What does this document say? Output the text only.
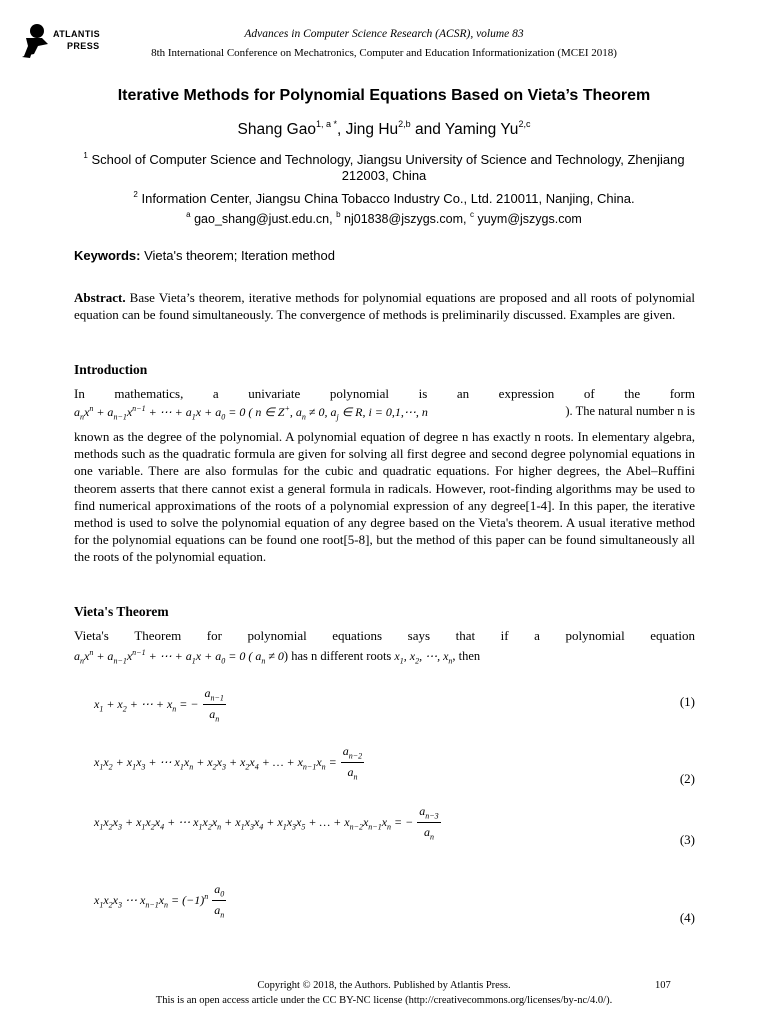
ATLANTIS
PRESS
Advances in Computer Science Research (ACSR), volume 83
8th International Conference on Mechatronics, Computer and Education Informationization (MCEI 2018)
Iterative Methods for Polynomial Equations Based on Vieta’s Theorem
Shang Gao$^{1, a *}$, Jing Hu$^{2,b}$ and Yaming Yu$^{2,c}$
$^1$ School of Computer Science and Technology, Jiangsu University of Science and Technology, Zhenjiang 212003, China
$^2$ Information Center, Jiangsu China Tobacco Industry Co., Ltd. 210011, Nanjing, China.
$^a$ gao_shang@just.edu.cn, $^b$ nj01838@jszygs.com, $^c$ yuym@jszygs.com
Keywords: Vieta's theorem; Iteration method
Abstract. Base Vieta’s theorem, iterative methods for polynomial equations are proposed and all roots of polynomial equation can be found simultaneously. The convergence of methods is preliminarily discussed. Examples are given.
Introduction
In mathematics, a univariate polynomial is an expression of the form
$a_nx^n + a_{n-1}x^{n-1}$ + ⋯ + $a_1x + a_0 = 0$ ( n ∈ Z+, $a_n \ne 0$, $a_j$ ∈ R, i = 0,1,⋯, n	). The natural number n is
known as the degree of the polynomial. A polynomial equation of degree n has exactly n roots. In elementary algebra, methods such as the quadratic formula are given for solving all first degree and second degree polynomial equations in one variable. There are also formulas for the cubic and quadratic equations. For higher degrees, the Abel–Ruffini theorem asserts that there cannot exist a general formula in radicals. However, root-finding algorithms may be used to find numerical approximations of the roots of a polynomial expression of any degree[1-4]. In this paper, the iterative method is used to solve the polynomial equation of any degree based on the Vieta's theorem. A usual iterative method for the polynomial equations can be found one root[5-8], but the method of this paper can be found simultaneously all the roots of the polynomial equation.
Vieta's Theorem
Vieta's Theorem for polynomial equations says that if a polynomial equation
$a_nx^n + a_{n-1}x^{n-1}$ + ⋯ + $a_1x + a_0 = 0$ ( $a_n \ne 0$) has n different roots $x_1$, $x_2$, ⋯, $x_n$, then
$x_1 + x_2$ + ⋯ + $x_n$ = − $\frac{a_{n-1}}{a_n}$	(1)
$x_1x_2 + x_1x_3$ + ⋯ $x_1x_n + x_2x_3 + x_2x_4$ + … + $x_{n-1}x_n = \frac{a_{n-2}}{a_n}$	(2)
$x_1x_2x_3 + x_1x_2x_4$ + ⋯ $x_1x_2x_n + x_1x_3x_4 + x_1x_3x_5$ + … + $x_{n-2}x_{n-1}x_n$ = − $\frac{a_{n-3}}{a_n}$	(3)
$x_1x_2x_3$ ⋯ $x_{n-1}x_n = (-1)^n \frac{a_0}{a_n}$	(4)
Copyright © 2018, the Authors. Published by Atlantis Press.	107
This is an open access article under the CC BY-NC license (http://creativecommons.org/licenses/by-nc/4.0/).
